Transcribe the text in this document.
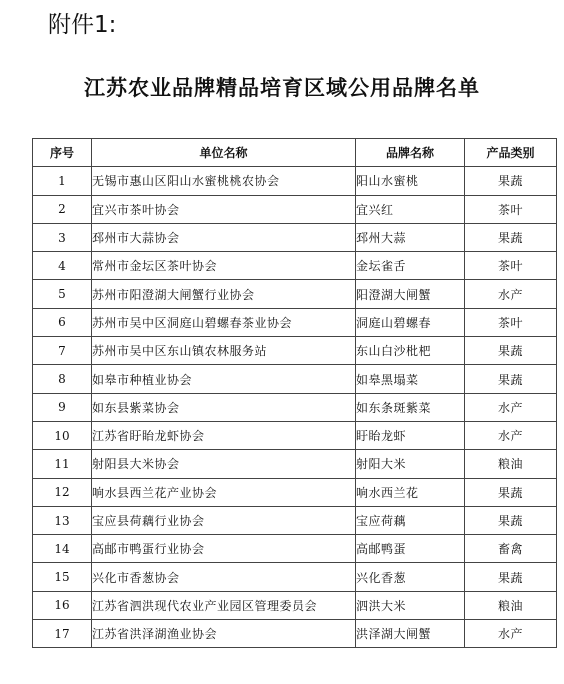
附件1:
江苏农业品牌精品培育区域公用品牌名单
序号	单位名称	品牌名称	产品类别
1	无锡市惠山区阳山水蜜桃桃农协会	阳山水蜜桃	果蔬
2	宜兴市茶叶协会	宜兴红	茶叶
3	邳州市大蒜协会	邳州大蒜	果蔬
4	常州市金坛区茶叶协会	金坛雀舌	茶叶
5	苏州市阳澄湖大闸蟹行业协会	阳澄湖大闸蟹	水产
6	苏州市吴中区洞庭山碧螺春茶业协会	洞庭山碧螺春	茶叶
7	苏州市吴中区东山镇农林服务站	东山白沙枇杷	果蔬
8	如皋市种植业协会	如皋黑塌菜	果蔬
9	如东县紫菜协会	如东条斑紫菜	水产
10	江苏省盱眙龙虾协会	盱眙龙虾	水产
11	射阳县大米协会	射阳大米	粮油
12	响水县西兰花产业协会	响水西兰花	果蔬
13	宝应县荷藕行业协会	宝应荷藕	果蔬
14	高邮市鸭蛋行业协会	高邮鸭蛋	畜禽
15	兴化市香葱协会	兴化香葱	果蔬
16	江苏省泗洪现代农业产业园区管理委员会	泗洪大米	粮油
17	江苏省洪泽湖渔业协会	洪泽湖大闸蟹	水产
